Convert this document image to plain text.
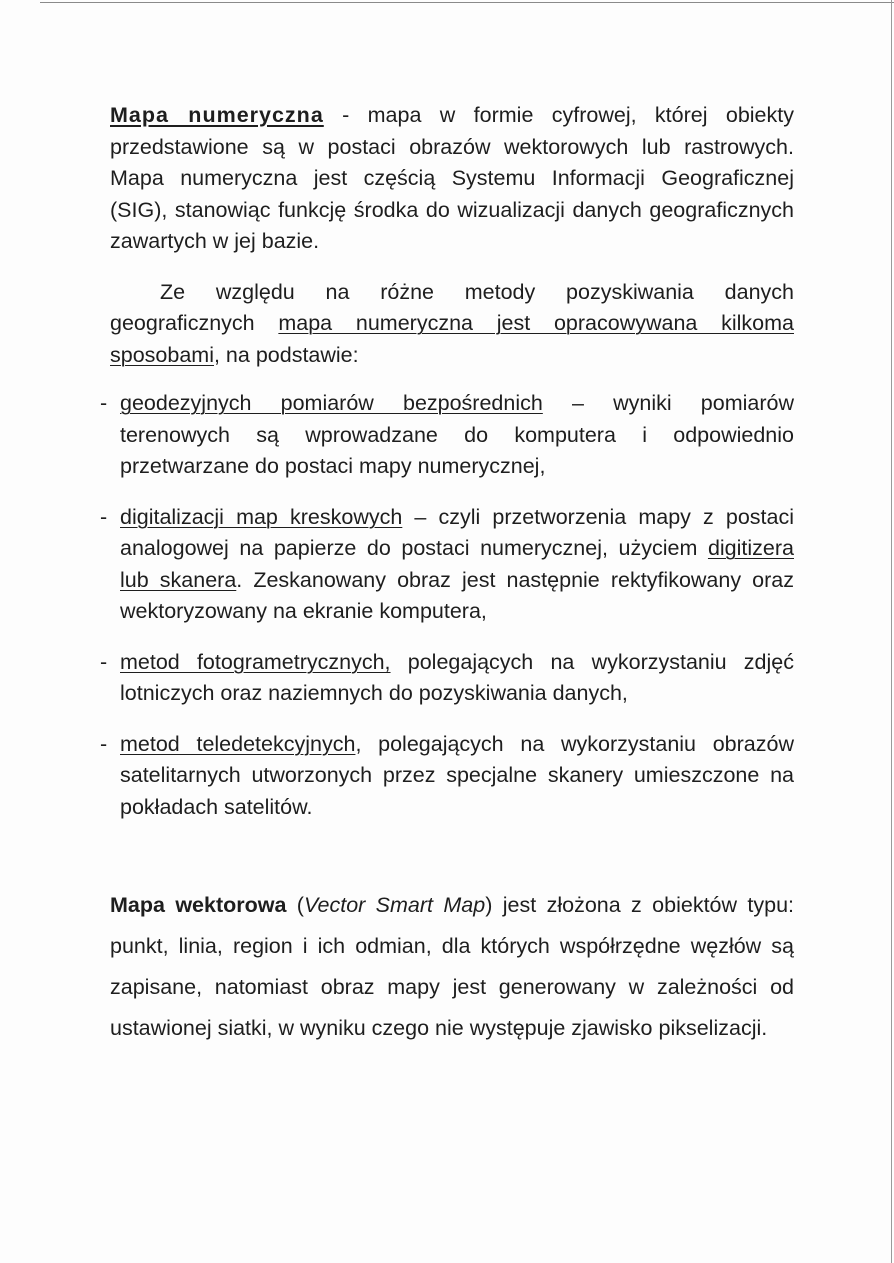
Mapa numeryczna - mapa w formie cyfrowej, której obiekty przedstawione są w postaci obrazów wektorowych lub rastrowych. Mapa numeryczna jest częścią Systemu Informacji Geograficznej (SIG), stanowiąc funkcję środka do wizualizacji danych geograficznych zawartych w jej bazie.

Ze względu na różne metody pozyskiwania danych geograficznych mapa numeryczna jest opracowywana kilkoma sposobami, na podstawie:

- geodezyjnych pomiarów bezpośrednich – wyniki pomiarów terenowych są wprowadzane do komputera i odpowiednio przetwarzane do postaci mapy numerycznej,
- digitalizacji map kreskowych – czyli przetworzenia mapy z postaci analogowej na papierze do postaci numerycznej, użyciem digitizera lub skanera. Zeskanowany obraz jest następnie rektyfikowany oraz wektoryzowany na ekranie komputera,
- metod fotogrametrycznych, polegających na wykorzystaniu zdjęć lotniczych oraz naziemnych do pozyskiwania danych,
- metod teledetekcyjnych, polegających na wykorzystaniu obrazów satelitarnych utworzonych przez specjalne skanery umieszczone na pokładach satelitów.

Mapa wektorowa (Vector Smart Map) jest złożona z obiektów typu: punkt, linia, region i ich odmian, dla których współrzędne węzłów są zapisane, natomiast obraz mapy jest generowany w zależności od ustawionej siatki, w wyniku czego nie występuje zjawisko pikselizacji.
